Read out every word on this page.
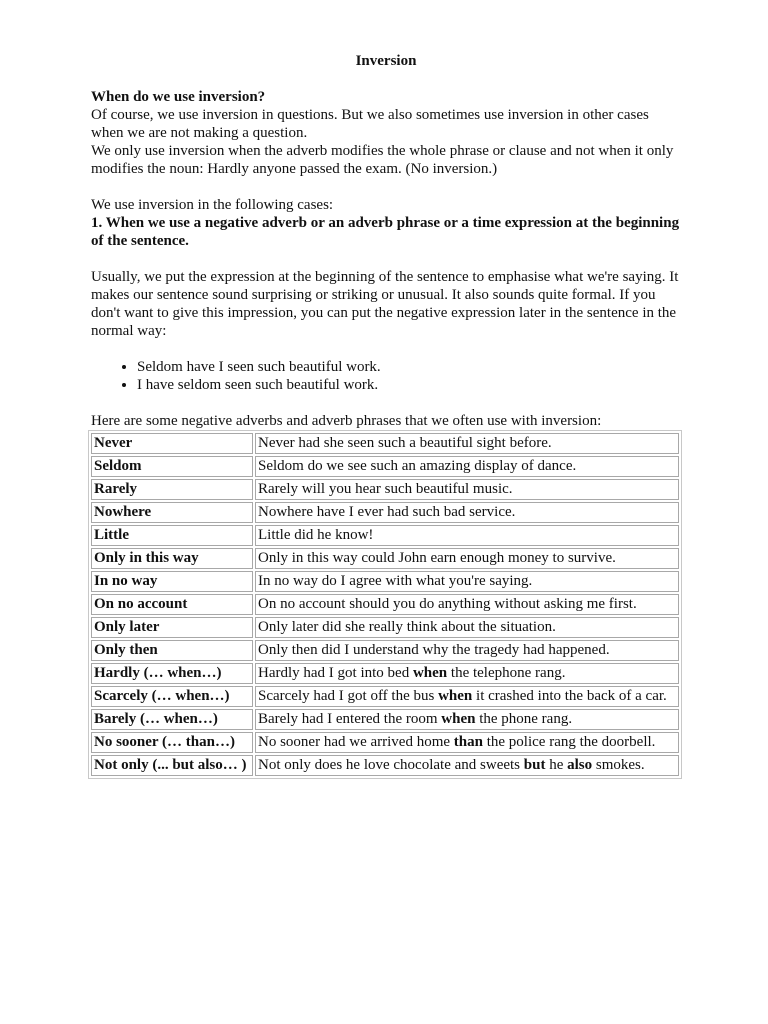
Inversion

When do we use inversion?

Of course, we use inversion in questions. But we also sometimes use inversion in other cases when we are not making a question.

We only use inversion when the adverb modifies the whole phrase or clause and not when it only modifies the noun: Hardly anyone passed the exam. (No inversion.)

We use inversion in the following cases:

1. When we use a negative adverb or an adverb phrase or a time expression at the beginning of the sentence.

Usually, we put the expression at the beginning of the sentence to emphasise what we're saying. It makes our sentence sound surprising or striking or unusual. It also sounds quite formal. If you don't want to give this impression, you can put the negative expression later in the sentence in the normal way:

• Seldom have I seen such beautiful work.
• I have seldom seen such beautiful work.

Here are some negative adverbs and adverb phrases that we often use with inversion:

Never	Never had she seen such a beautiful sight before.
Seldom	Seldom do we see such an amazing display of dance.
Rarely	Rarely will you hear such beautiful music.
Nowhere	Nowhere have I ever had such bad service.
Little	Little did he know!
Only in this way	Only in this way could John earn enough money to survive.
In no way	In no way do I agree with what you're saying.
On no account	On no account should you do anything without asking me first.
Only later	Only later did she really think about the situation.
Only then	Only then did I understand why the tragedy had happened.
Hardly (… when…)	Hardly had I got into bed when the telephone rang.
Scarcely (… when…)	Scarcely had I got off the bus when it crashed into the back of a car.
Barely (… when…)	Barely had I entered the room when the phone rang.
No sooner (… than…)	No sooner had we arrived home than the police rang the doorbell.
Not only (... but also… )	Not only does he love chocolate and sweets but he also smokes.
